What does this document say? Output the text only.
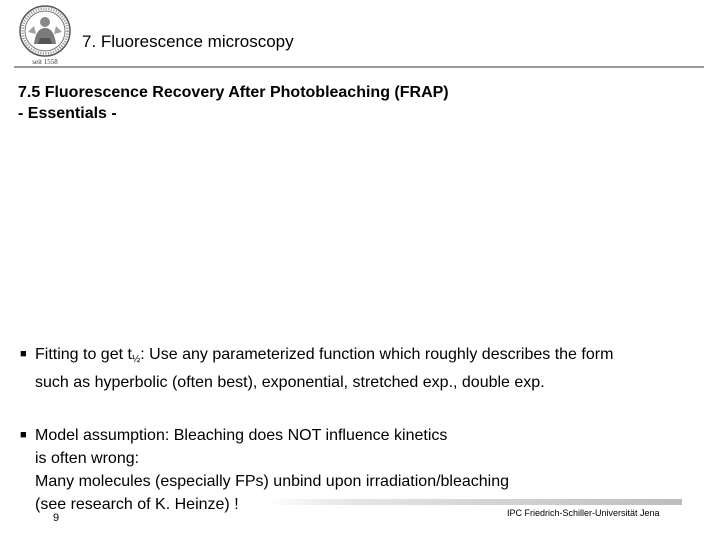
seit 1558
7. Fluorescence microscopy
7.5 Fluorescence Recovery After Photobleaching (FRAP)
- Essentials -
■ Fitting to get $t_{\frac{1}{2}}$: Use any parameterized function which roughly describes the form
such as hyperbolic (often best), exponential, stretched exp., double exp.
■ Model assumption: Bleaching does NOT influence kinetics
is often wrong:
Many molecules (especially FPs) unbind upon irradiation/bleaching
(see research of K. Heinze) !
9	IPC Friedrich-Schiller-Universität Jena
